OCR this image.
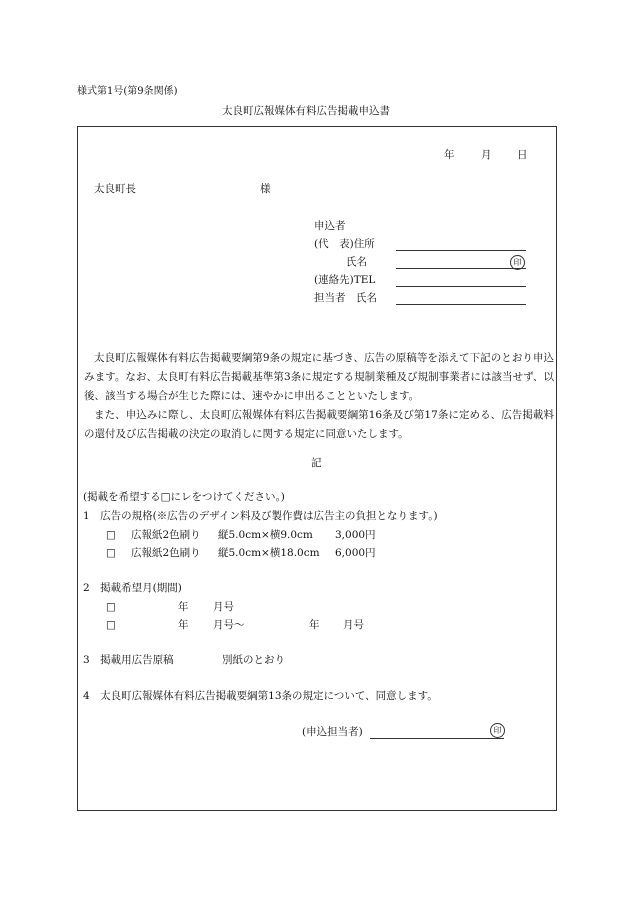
様式第1号(第9条関係)
太良町広報媒体有料広告掲載申込書
年	月 日
太良町長	様
申込者
(代　表)住所
氏名	印
(連絡先)TEL
担当者　氏名
太良町広報媒体有料広告掲載要綱第9条の規定に基づき、広告の原稿等を添えて下記のとおり申込みます。なお、太良町有料広告掲載基準第3条に規定する規制業種及び規制事業者には該当せず、以後、該当する場合が生じた際には、速やかに申出ることといたします。
また、申込みに際し、太良町広報媒体有料広告掲載要綱第16条及び第17条に定める、広告掲載料の還付及び広告掲載の決定の取消しに関する規定に同意いたします。
記
(掲載を希望する□にレをつけてください。)
1　広告の規格(※広告のデザイン料及び製作費は広告主の負担となります。)
□ 広報紙2色刷り 縦5.0cm×横9.0cm 3,000円
□ 広報紙2色刷り 縦5.0cm×横18.0cm 6,000円
2　掲載希望月(期間)
□	年 月号
□	年 月号～	年 月号
3　掲載用広告原稿	別紙のとおり
4　太良町広報媒体有料広告掲載要綱第13条の規定について、同意します。
(申込担当者)	印
